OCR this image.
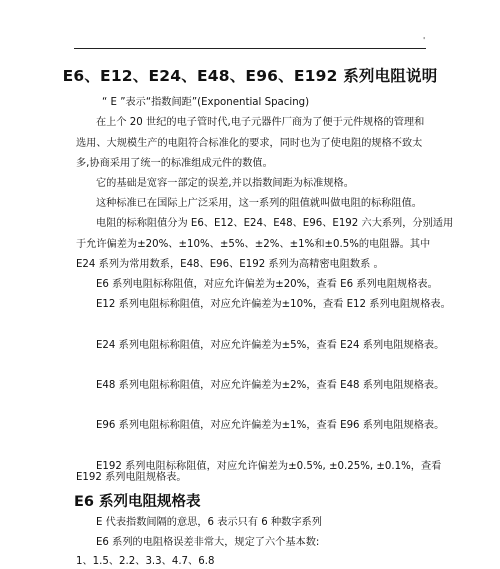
'
E6、E12、E24、E48、E96、E192 系列电阻说明
“ E ”表示“指数间距”(Exponential Spacing)
在上个 20 世纪的电子管时代,电子元器件厂商为了便于元件规格的管理和
选用、大规模生产的电阻符合标准化的要求，同时也为了使电阻的规格不致太
多,协商采用了统一的标准组成元件的数值。
它的基础是宽容一部定的误差,并以指数间距为标准规格。
这种标准已在国际上广泛采用，这一系列的阻值就叫做电阻的标称阻值。
电阻的标称阻值分为 E6、E12、E24、E48、E96、E192 六大系列，分别适用
于允许偏差为±20%、±10%、±5%、±2%、±1%和±0.5%的电阻器。其中
E24 系列为常用数系，E48、E96、E192 系列为高精密电阻数系 。
E6 系列电阻标称阻值，对应允许偏差为±20%，查看 E6 系列电阻规格表。
E12 系列电阻标称阻值，对应允许偏差为±10%，查看 E12 系列电阻规格表。
E24 系列电阻标称阻值，对应允许偏差为±5%，查看 E24 系列电阻规格表。
E48 系列电阻标称阻值，对应允许偏差为±2%，查看 E48 系列电阻规格表。
E96 系列电阻标称阻值，对应允许偏差为±1%，查看 E96 系列电阻规格表。
E192 系列电阻标称阻值，对应允许偏差为±0.5%, ±0.25%, ±0.1%，查看
E192 系列电阻规格表。
E6 系列电阻规格表
E 代表指数间隔的意思，6 表示只有 6 种数字系列
E6 系列的电阻格误差非常大，规定了六个基本数:
1、1.5、2.2、3.3、4.7、6.8
